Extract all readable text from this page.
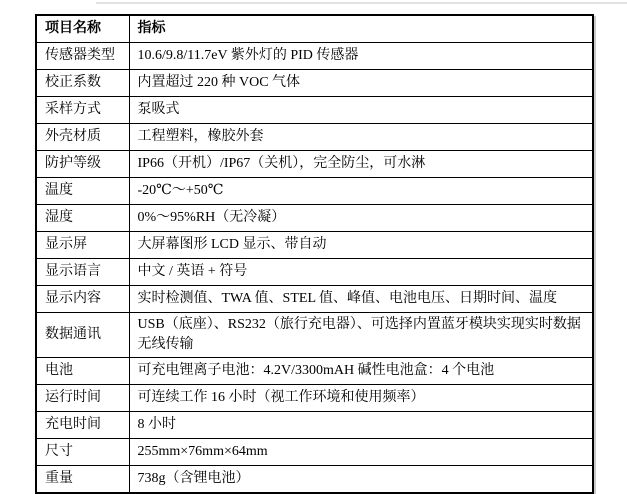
项目名称	指标
传感器类型	10.6/9.8/11.7eV 紫外灯的 PID 传感器
校正系数	内置超过 220 种 VOC 气体
采样方式	泵吸式
外壳材质	工程塑料，橡胶外套
防护等级	IP66（开机）/IP67（关机），完全防尘，可水淋
温度	-20℃～+50℃
湿度	0%～95%RH（无冷凝）
显示屏	大屏幕图形 LCD 显示、带自动
显示语言	中文 / 英语 + 符号
显示内容	实时检测值、TWA 值、STEL 值、峰值、电池电压、日期时间、温度
数据通讯	USB（底座）、RS232（旅行充电器）、可选择内置蓝牙模块实现实时数据无线传输
电池	可充电锂离子电池：4.2V/3300mAH 碱性电池盒：4 个电池
运行时间	可连续工作 16 小时（视工作环境和使用频率）
充电时间	8 小时
尺寸	255mm×76mm×64mm
重量	738g（含锂电池）
